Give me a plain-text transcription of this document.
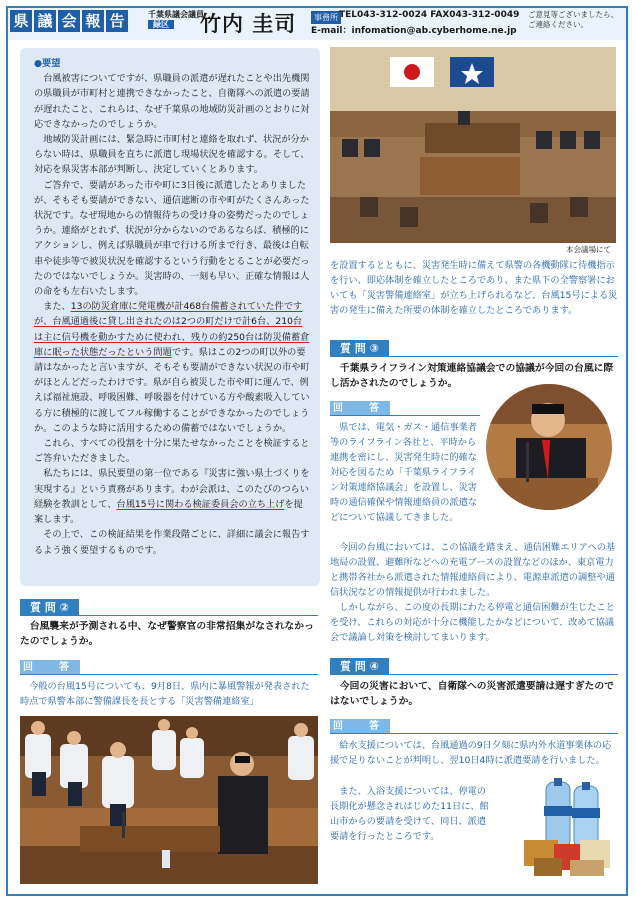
県 議 会 報 告	千葉県議会議員
緑区	竹内 圭司	事務所 TEL043-312-0024 FAX043-312-0049
E-mail：infomation@ab.cyberhome.ne.jp
ご意見等ございましたら、
ご連絡ください。

●要望

台風被害についてですが、県職員の派遣が遅れたことや出先機関の県職員が市町村と連携できなかったこと、自衛隊への派遣の要請が遅れたこと、これらは、なぜ千葉県の地域防災計画のとおりに対応できなかったのでしょうか。

地域防災計画には、緊急時に市町村と連絡を取れず、状況が分からない時は、県職員を直ちに派遣し現場状況を確認する。そして、対応を県災害本部が判断し、決定していくとあります。

ご答弁で、要請があった市や町に3日後に派遣したとありましたが、そもそも要請ができない、通信遮断の市や町がたくさんあった状況です。なぜ現地からの情報待ちの受け身の姿勢だったのでしょうか。連絡がとれず、状況が分からないのであるならば、積極的にアクションし、例えば県職員が車で行ける所まで行き、最後は自転車や徒歩等で被災状況を確認するという行動をとることが必要だったのではないでしょうか。災害時の、一刻も早い、正確な情報は人の命をも左右いたします。

また、13の防災倉庫に発電機が計468台備蓄されていた件ですが、台風通過後に貸し出されたのは2つの町だけで計6台、210台は主に信号機を動かすために使われ、残りの約250台は防災備蓄倉庫に眠った状態だったという問題です。県はこの2つの町以外の要請はなかったと言いますが、そもそも要請ができない状況の市や町がほとんどだったわけです。県が自ら被災した市や町に運んで、例えば福祉施設、呼吸困難、呼吸器を付けている方や酸素吸入している方に積極的に渡してフル稼働することができなかったのでしょうか。このような時に活用するための備蓄ではないでしょうか。

これら、すべての役割を十分に果たせなかったことを検証するとご答弁いただきました。

私たちには、県民要望の第一位である『災害に強い県土づくりを実現する』という責務があります。わが会派は、このたびのつらい経験を教訓として、台風15号に関わる検証委員会の立ち上げを提案します。

その上で、この検証結果を作業段階ごとに、詳細に議会に報告するよう強く要望するものです。

質 問 ②
台風襲来が予測される中、なぜ警察官の非常招集がなされなかったのでしょうか。
回　答

今般の台風15号についても、9月8日、県内に暴風警報が発表された時点で県警本部に警備課長を長とする「災害警備連絡室」

本会議場にて

を設置するとともに、災害発生時に備えて県警の各機動隊に待機指示を行い、即応体制を確立したところであり、また県下の全警察署においても「災害警備連絡室」が立ち上げられるなど、台風15号による災害の発生に備えた所要の体制を確立したところであります。

質 問 ③
千葉県ライフライン対策連絡協議会での協議が今回の台風に際し活かされたのでしょうか。
回　答

県では、電気・ガス・通信事業者等のライフライン各社と、平時から連携を密にし、災害発生時に的確な対応を図るため「千葉県ライフライン対策連絡協議会」を設置し、災害時の通信確保や情報連絡員の派遣などについて協議してきました。

今回の台風においては、この協議を踏まえ、通信困難エリアへの基地局の設置、避難所などへの充電ブースの設置などのほか、東京電力と携帯各社から派遣された情報連絡員により、電源車派遣の調整や通信状況などの情報提供が行われました。

しかしながら、この度の長期にわたる停電と通信困難が生じたことを受け、これらの対応が十分に機能したかなどについて、改めて協議会で議論し対策を検討してまいります。

質 問 ④
今回の災害において、自衛隊への災害派遣要請は遅すぎたのではないでしょうか。
回　答

給水支援については、台風通過の9日夕刻に県内外水道事業体の応援で足りないことが判明し、翌10日4時に派遣要請を行いました。

また、入浴支援については、停電の長期化が懸念されはじめた11日に、館山市からの要請を受けて、同日、派遣要請を行ったところです。
